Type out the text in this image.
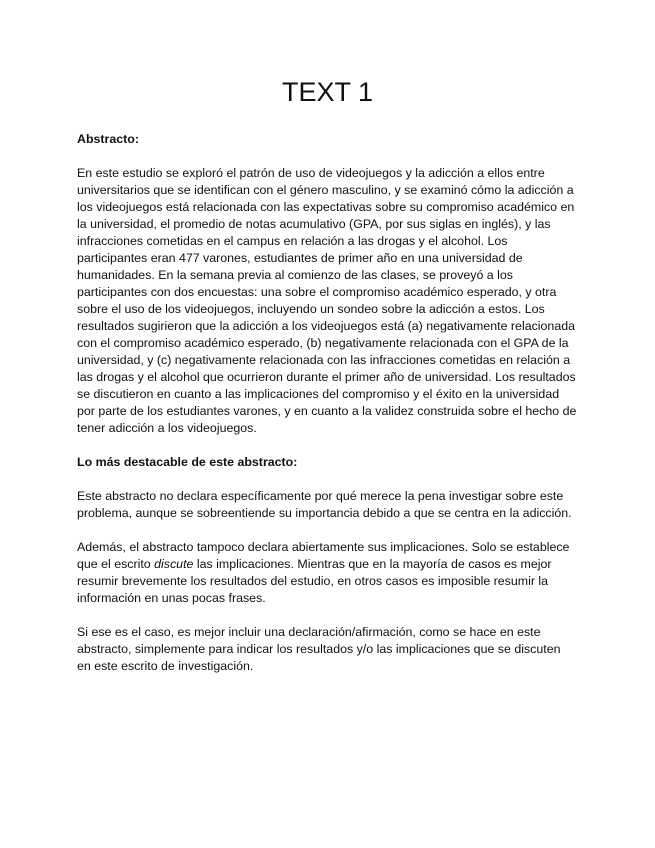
TEXT 1
Abstracto:

En este estudio se exploró el patrón de uso de videojuegos y la adicción a ellos entre universitarios que se identifican con el género masculino, y se examinó cómo la adicción a los videojuegos está relacionada con las expectativas sobre su compromiso académico en la universidad, el promedio de notas acumulativo (GPA, por sus siglas en inglés), y las infracciones cometidas en el campus en relación a las drogas y el alcohol. Los participantes eran 477 varones, estudiantes de primer año en una universidad de humanidades. En la semana previa al comienzo de las clases, se proveyó a los participantes con dos encuestas: una sobre el compromiso académico esperado, y otra sobre el uso de los videojuegos, incluyendo un sondeo sobre la adicción a estos. Los resultados sugirieron que la adicción a los videojuegos está (a) negativamente relacionada con el compromiso académico esperado, (b) negativamente relacionada con el GPA de la universidad, y (c) negativamente relacionada con las infracciones cometidas en relación a las drogas y el alcohol que ocurrieron durante el primer año de universidad. Los resultados se discutieron en cuanto a las implicaciones del compromiso y el éxito en la universidad por parte de los estudiantes varones, y en cuanto a la validez construida sobre el hecho de tener adicción a los videojuegos.

Lo más destacable de este abstracto:

Este abstracto no declara específicamente por qué merece la pena investigar sobre este problema, aunque se sobreentiende su importancia debido a que se centra en la adicción.

Además, el abstracto tampoco declara abiertamente sus implicaciones. Solo se establece que el escrito discute las implicaciones. Mientras que en la mayoría de casos es mejor resumir brevemente los resultados del estudio, en otros casos es imposible resumir la información en unas pocas frases.

Si ese es el caso, es mejor incluir una declaración/afirmación, como se hace en este abstracto, simplemente para indicar los resultados y/o las implicaciones que se discuten en este escrito de investigación.
